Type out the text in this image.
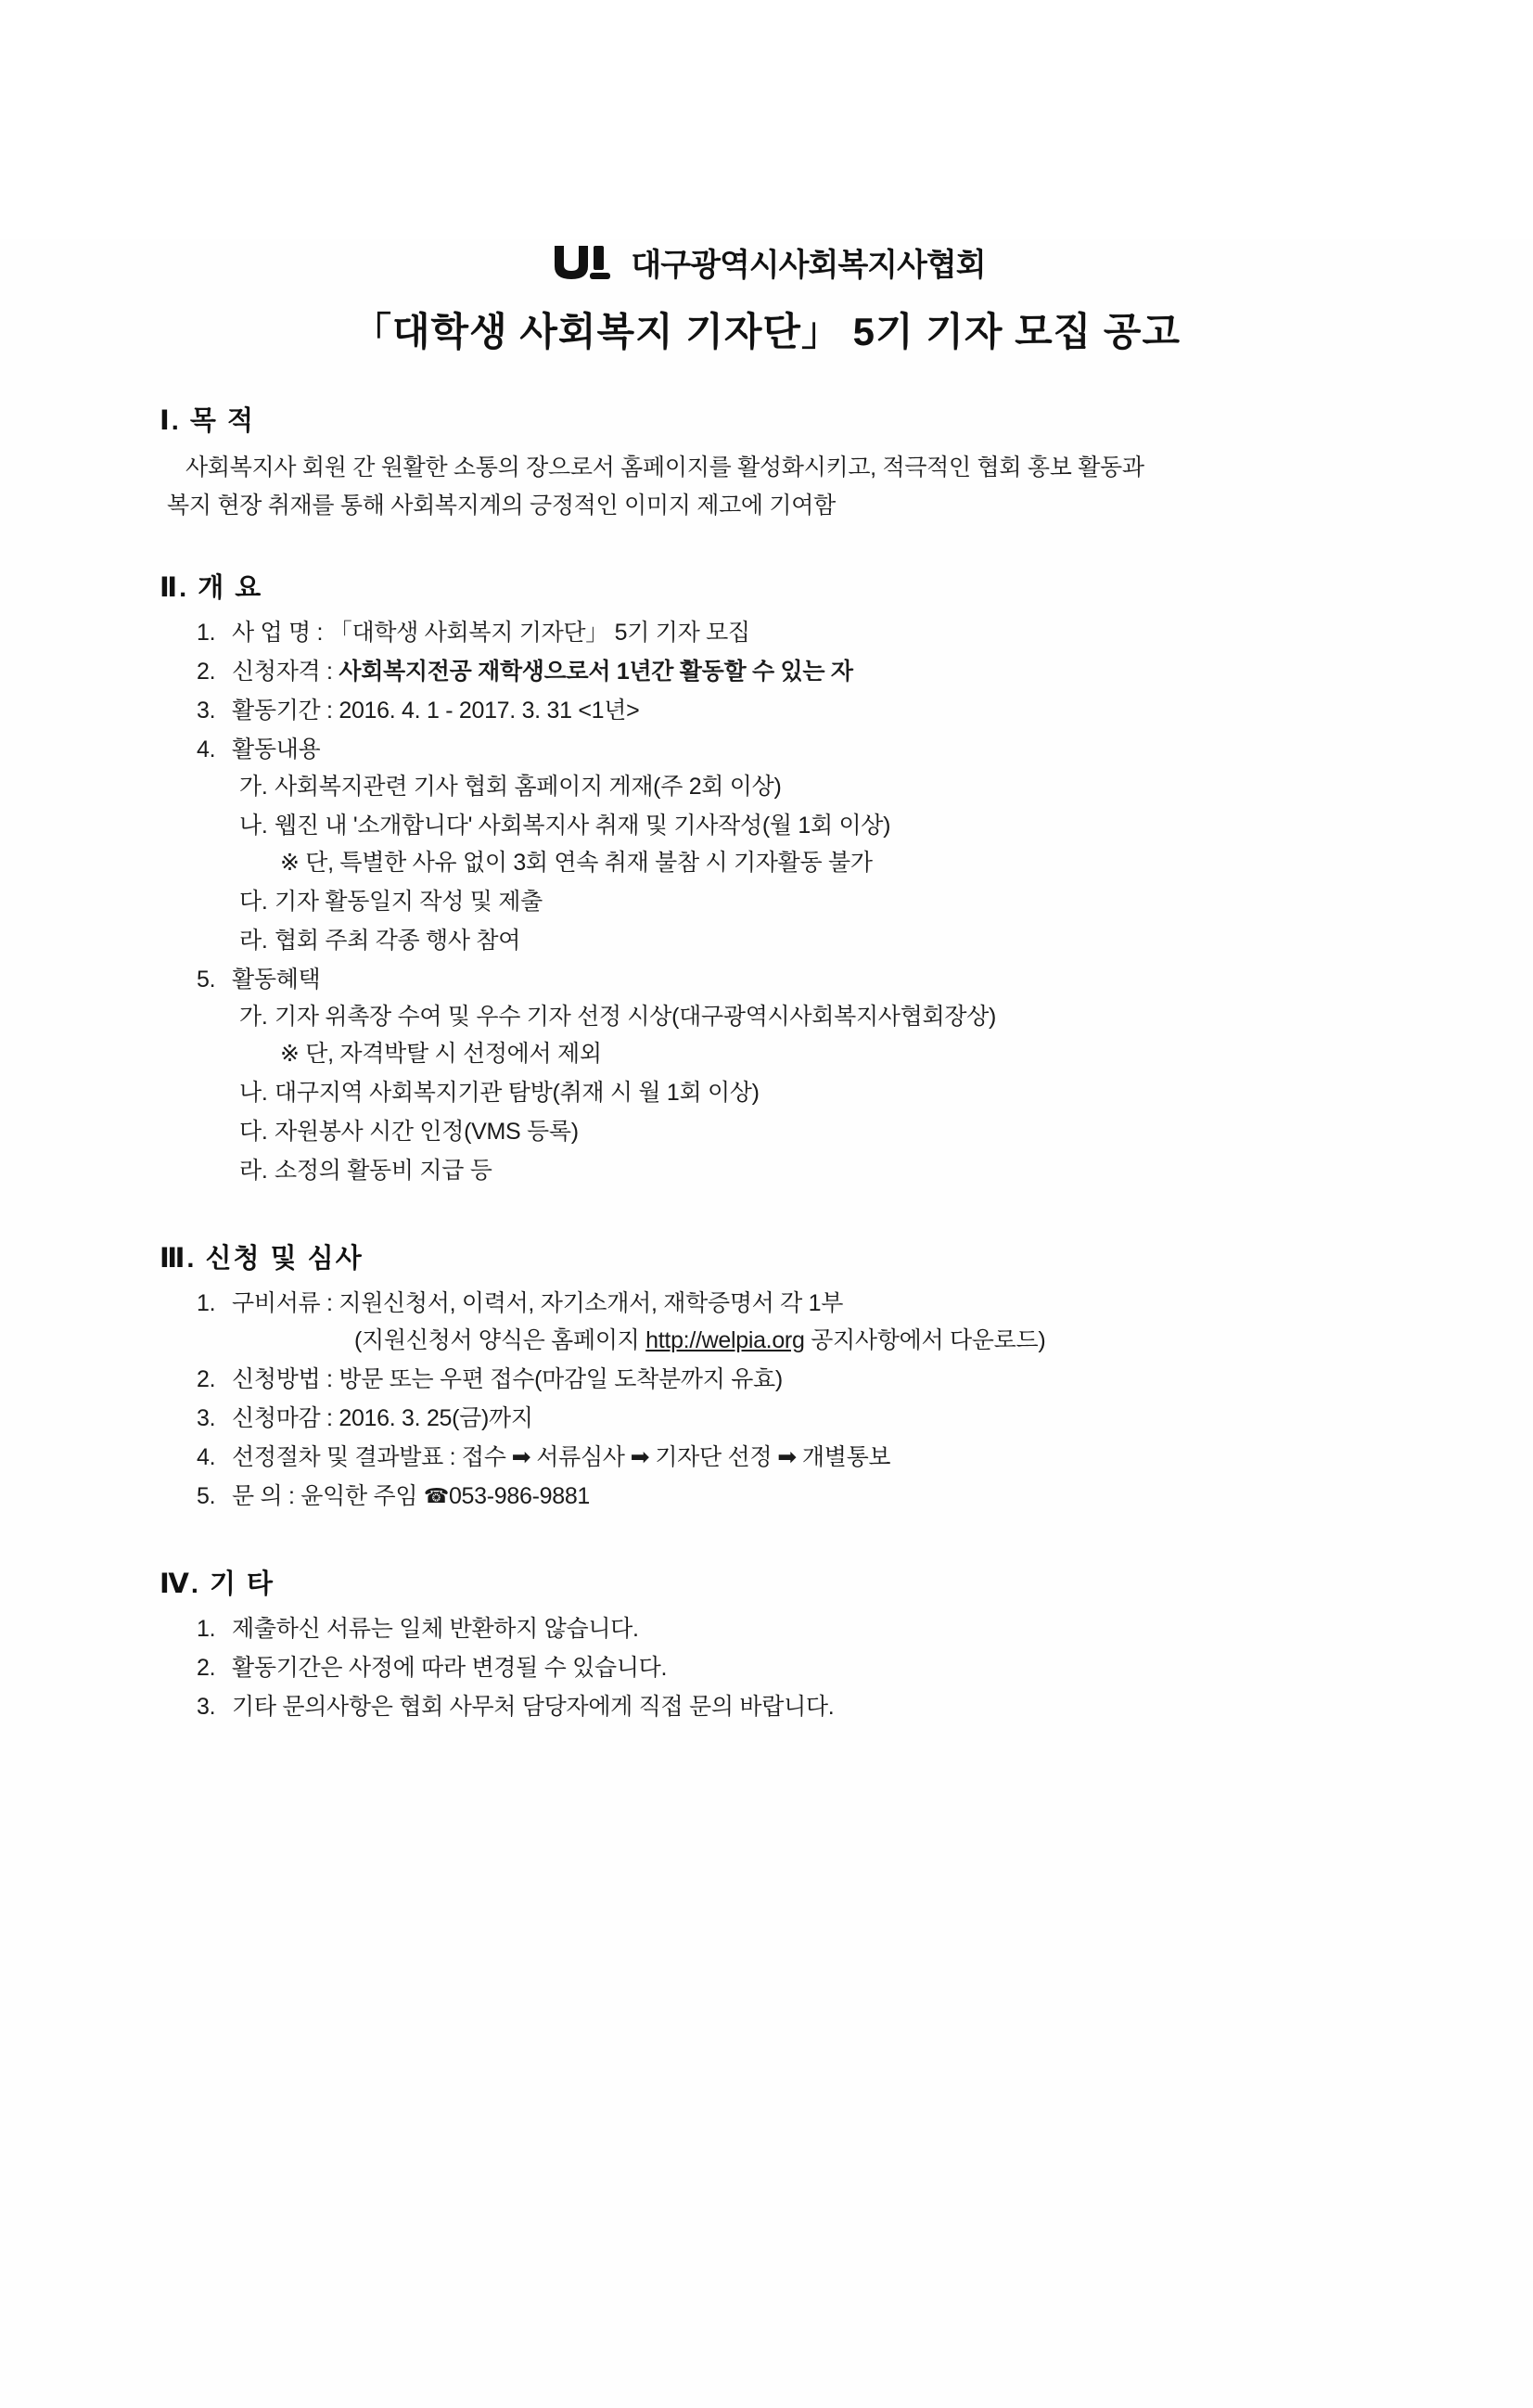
대구광역시사회복지사협회
「대학생 사회복지 기자단」 5기 기자 모집 공고
Ⅰ. 목 적
사회복지사 회원 간 원활한 소통의 장으로서 홈페이지를 활성화시키고, 적극적인 협회 홍보 활동과
복지 현장 취재를 통해 사회복지계의 긍정적인 이미지 제고에 기여함
Ⅱ. 개 요
1. 사 업 명 : 「대학생 사회복지 기자단」 5기 기자 모집
2. 신청자격 : 사회복지전공 재학생으로서 1년간 활동할 수 있는 자
3. 활동기간 : 2016. 4. 1 - 2017. 3. 31 <1년>
4. 활동내용
가. 사회복지관련 기사 협회 홈페이지 게재(주 2회 이상)
나. 웹진 내 '소개합니다' 사회복지사 취재 및 기사작성(월 1회 이상)
※ 단, 특별한 사유 없이 3회 연속 취재 불참 시 기자활동 불가
다. 기자 활동일지 작성 및 제출
라. 협회 주최 각종 행사 참여
5. 활동혜택
가. 기자 위촉장 수여 및 우수 기자 선정 시상(대구광역시사회복지사협회장상)
※ 단, 자격박탈 시 선정에서 제외
나. 대구지역 사회복지기관 탐방(취재 시 월 1회 이상)
다. 자원봉사 시간 인정(VMS 등록)
라. 소정의 활동비 지급 등
Ⅲ. 신청 및 심사
1. 구비서류 : 지원신청서, 이력서, 자기소개서, 재학증명서 각 1부
(지원신청서 양식은 홈페이지 http://welpia.org 공지사항에서 다운로드)
2. 신청방법 : 방문 또는 우편 접수(마감일 도착분까지 유효)
3. 신청마감 : 2016. 3. 25(금)까지
4. 선정절차 및 결과발표 : 접수 ➡ 서류심사 ➡ 기자단 선정 ➡ 개별통보
5. 문 의 : 윤익한 주임 ☎053-986-9881
Ⅳ. 기 타
1. 제출하신 서류는 일체 반환하지 않습니다.
2. 활동기간은 사정에 따라 변경될 수 있습니다.
3. 기타 문의사항은 협회 사무처 담당자에게 직접 문의 바랍니다.
